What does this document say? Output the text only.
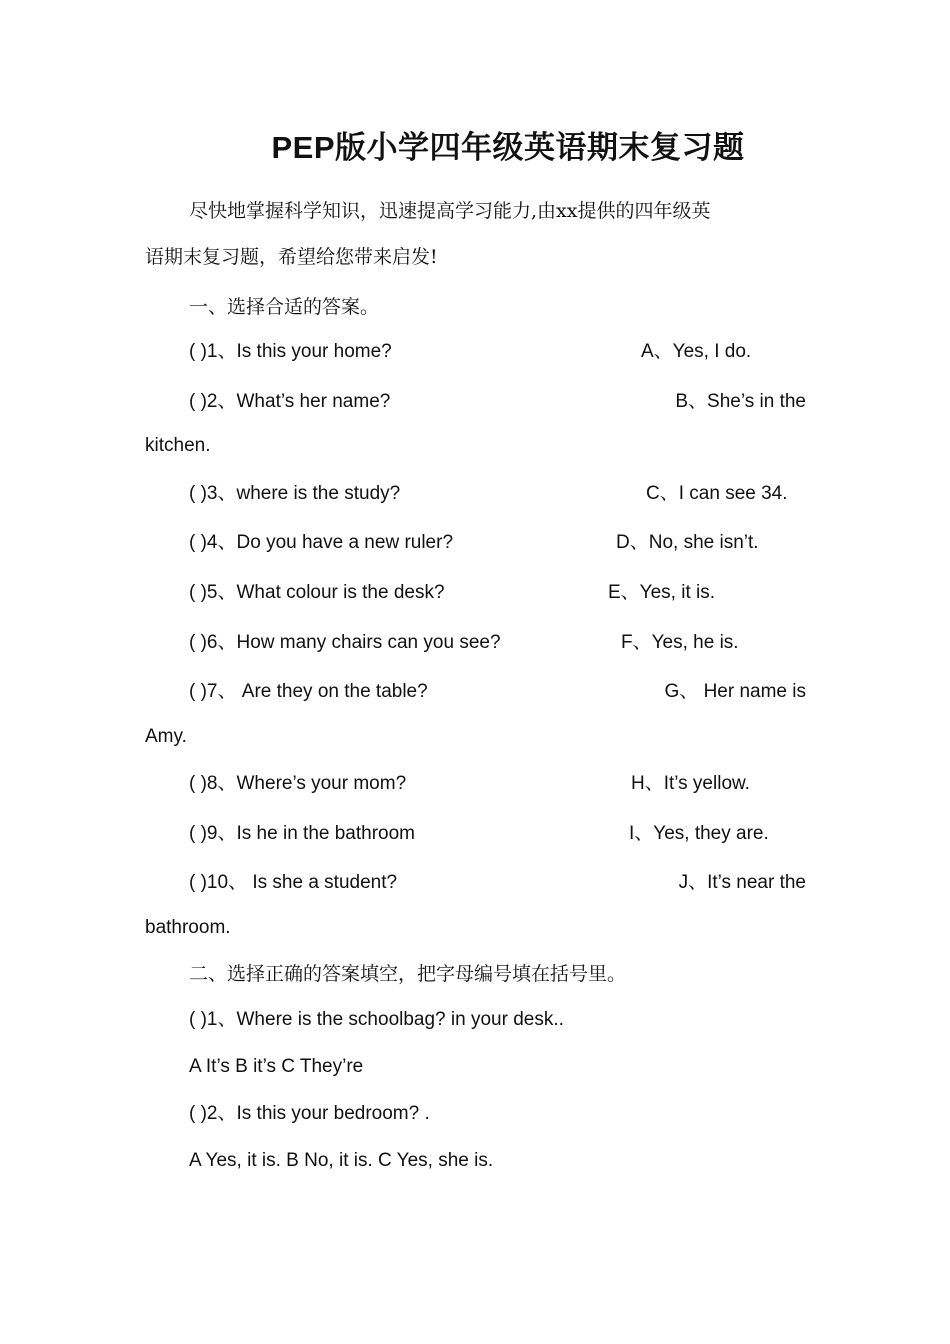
PEP版小学四年级英语期末复习题
尽快地掌握科学知识，迅速提高学习能力,由xx提供的四年级英
语期末复习题，希望给您带来启发!
一、选择合适的答案。
( )1、Is this your home?	A、Yes, I do.
( )2、What’s her name?	B、She’s in the
kitchen.
( )3、where is the study?	C、I can see 34.
( )4、Do you have a new ruler?	D、No, she isn’t.
( )5、What colour is the desk?	E、Yes, it is.
( )6、How many chairs can you see?	F、Yes, he is.
( )7、 Are they on the table?	G、 Her name is
Amy.
( )8、Where’s your mom?	H、It’s yellow.
( )9、Is he in the bathroom	I、Yes, they are.
( )10、 Is she a student?	J、It’s near the
bathroom.
二、选择正确的答案填空，把字母编号填在括号里。
( )1、Where is the schoolbag? in your desk..
A It’s B it’s C They’re
( )2、Is this your bedroom? .
A Yes, it is. B No, it is. C Yes, she is.
